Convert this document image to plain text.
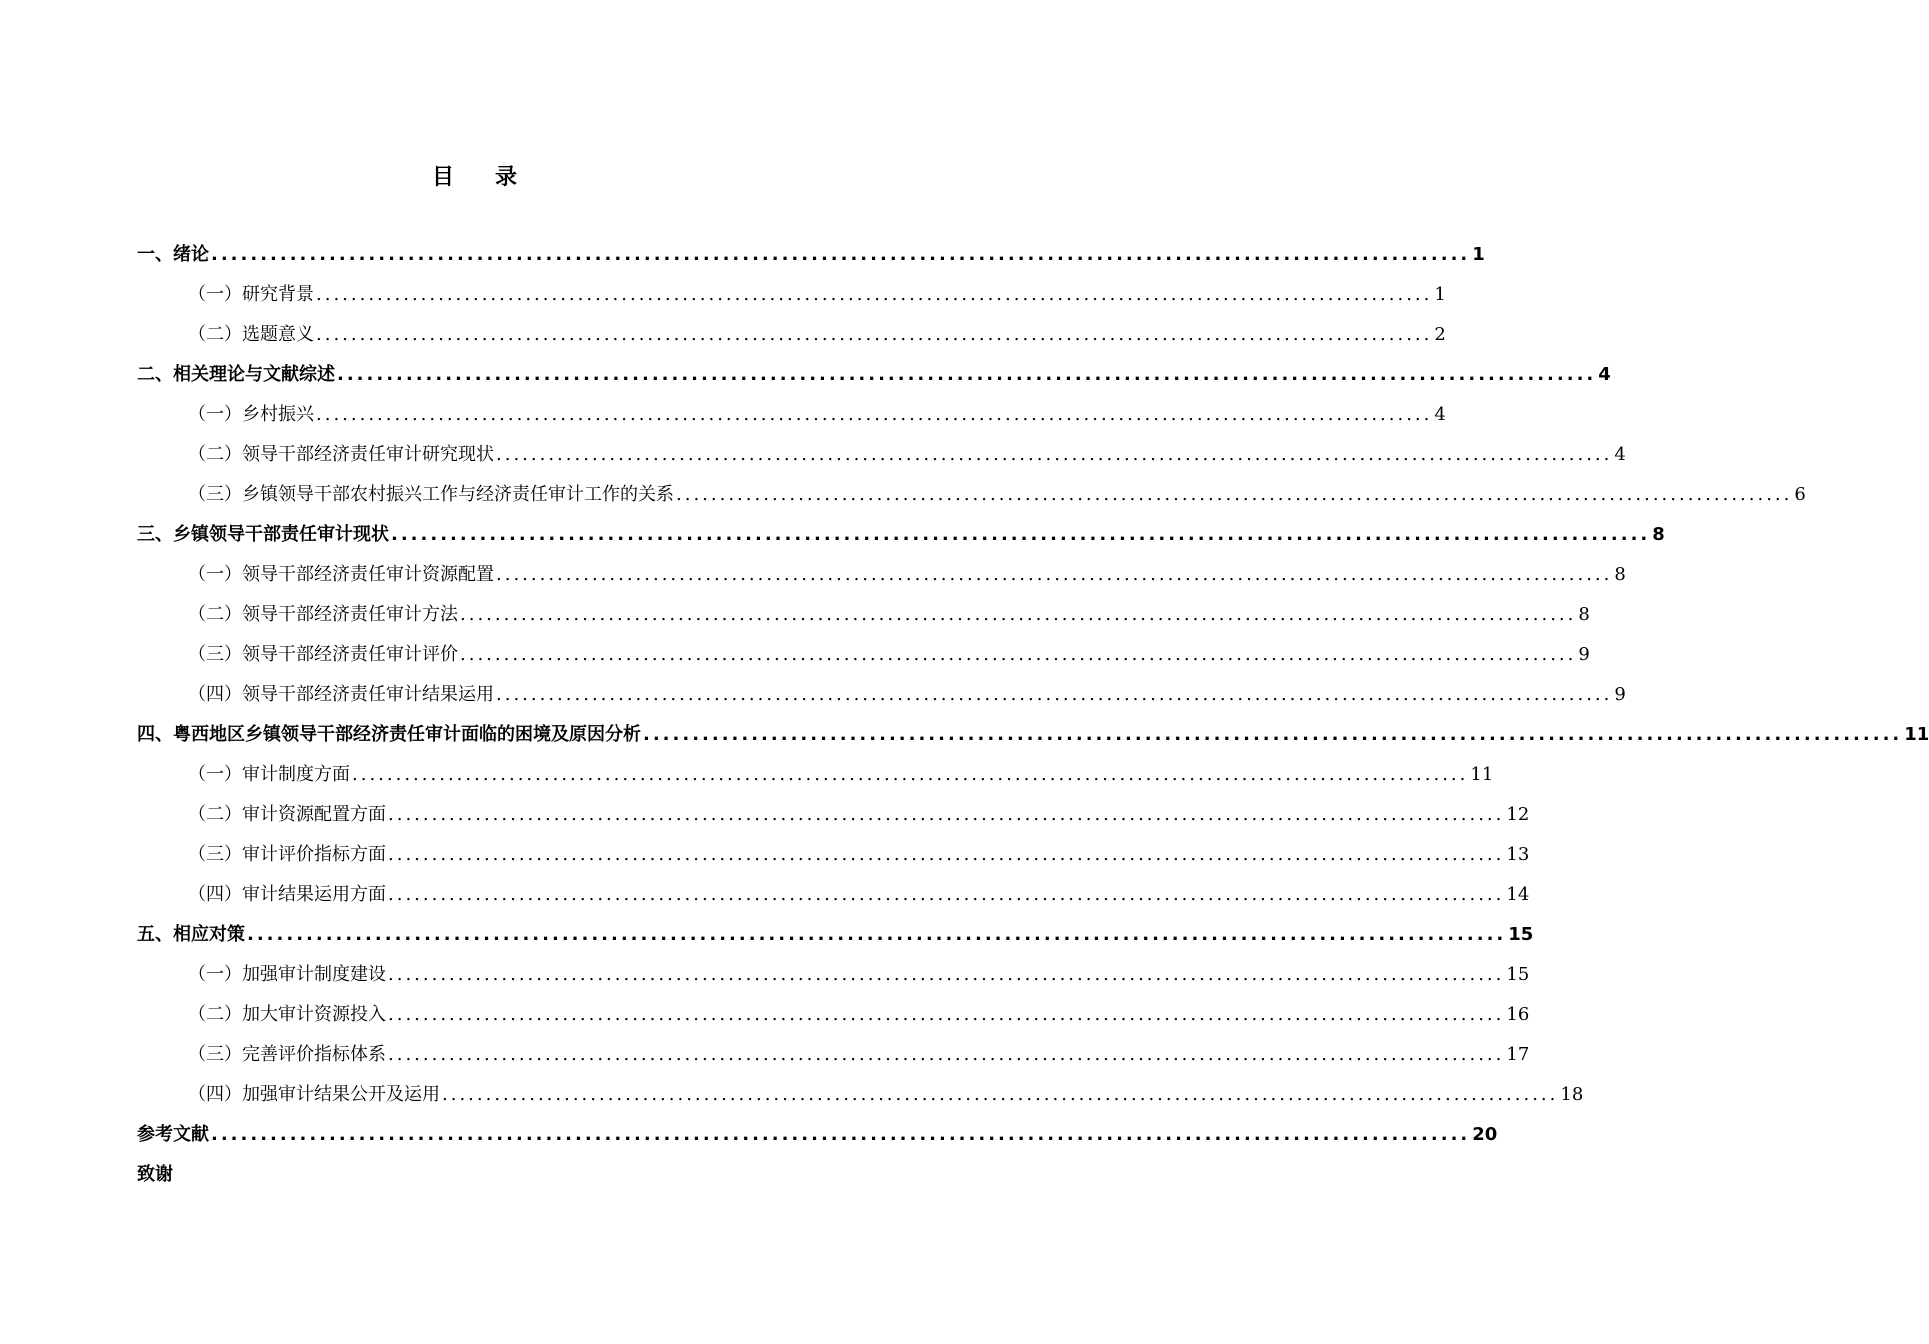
目 录
一、绪论 ................................................................................................................................ 1
（一）研究背景 ................................................................................................................................ 1
（二）选题意义 ................................................................................................................................ 2
二、相关理论与文献综述 ................................................................................................................................ 4
（一）乡村振兴 ................................................................................................................................ 4
（二）领导干部经济责任审计研究现状 ................................................................................................................................ 4
（三）乡镇领导干部农村振兴工作与经济责任审计工作的关系 ................................................................................................................................ 6
三、乡镇领导干部责任审计现状 ................................................................................................................................ 8
（一）领导干部经济责任审计资源配置 ................................................................................................................................ 8
（二）领导干部经济责任审计方法 ................................................................................................................................ 8
（三）领导干部经济责任审计评价 ................................................................................................................................ 9
（四）领导干部经济责任审计结果运用 ................................................................................................................................ 9
四、粤西地区乡镇领导干部经济责任审计面临的困境及原因分析 ................................................................................................................................ 11
（一）审计制度方面 ................................................................................................................................ 11
（二）审计资源配置方面 ................................................................................................................................ 12
（三）审计评价指标方面 ................................................................................................................................ 13
（四）审计结果运用方面 ................................................................................................................................ 14
五、相应对策 ................................................................................................................................ 15
（一）加强审计制度建设 ................................................................................................................................ 15
（二）加大审计资源投入 ................................................................................................................................ 16
（三）完善评价指标体系 ................................................................................................................................ 17
（四）加强审计结果公开及运用 ................................................................................................................................ 18
参考文献 ................................................................................................................................ 20
致谢
